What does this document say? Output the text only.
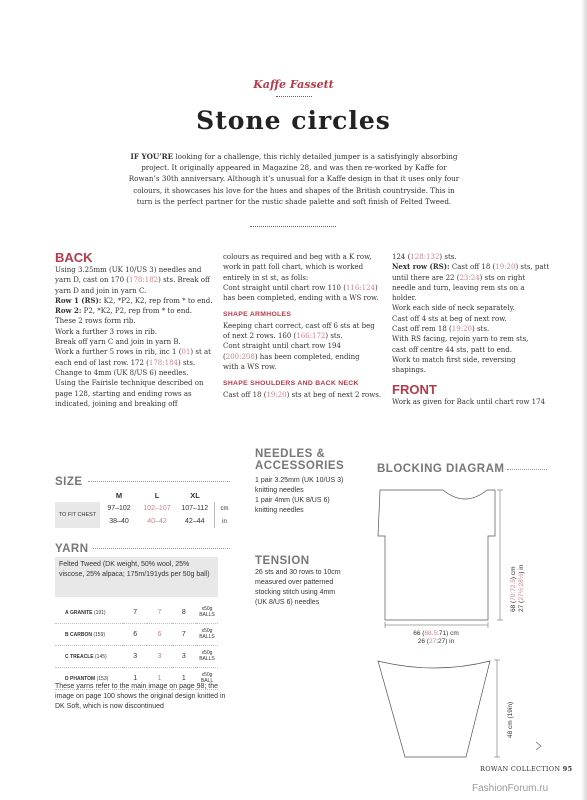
Kaffe Fassett
Stone circles
IF YOU’RE looking for a challenge, this richly detailed jumper is a satisfyingly absorbing
project. It originally appeared in Magazine 28, and was then re-worked by Kaffe for
Rowan’s 30th anniversary. Although it’s unusual for a Kaffe design in that it uses only four
colours, it showcases his love for the hues and shapes of the British countryside. This in
turn is the perfect partner for the rustic shade palette and soft finish of Felted Tweed.
BACK
Using 3.25mm (UK 10/US 3) needles and
yarn D, cast on 170 (178:182) sts. Break off
yarn D and join in yarn C.
Row 1 (RS): K2, *P2, K2, rep from * to end.
Row 2: P2, *K2, P2, rep from * to end.
These 2 rows form rib.
Work a further 3 rows in rib.
Break off yarn C and join in yarn B.
Work a further 5 rows in rib, inc 1 (01) st at
each end of last row. 172 (178:184) sts.
Change to 4mm (UK 8/US 6) needles.
Using the Fairisle technique described on
page 128, starting and ending rows as
indicated, joining and breaking off
colours as required and beg with a K row,
work in patt foll chart, which is worked
entirely in st st, as folls:
Cont straight until chart row 110 (116:124)
has been completed, ending with a WS row.
SHAPE ARMHOLES
Keeping chart correct, cast off 6 sts at beg
of next 2 rows. 160 (166:172) sts.
Cont straight until chart row 194
(200:208) has been completed, ending
with a WS row.
SHAPE SHOULDERS AND BACK NECK
Cast off 18 (19:20) sts at beg of next 2 rows.
124 (128:132) sts.
Next row (RS): Cast off 18 (19:20) sts, patt
until there are 22 (23:24) sts on right
needle and turn, leaving rem sts on a
holder.
Work each side of neck separately.
Cast off 4 sts at beg of next row.
Cast off rem 18 (19:20) sts.
With RS facing, rejoin yarn to rem sts,
cast off centre 44 sts, patt to end.
Work to match first side, reversing
shapings.
FRONT
Work as given for Back until chart row 174
SIZE
	M	L	XL	
TO FIT CHEST	97–102	102–107	107–112	cm
	38–40	40–42	42–44	in
YARN
Felted Tweed (DK weight, 50% wool, 25% viscose, 25% alpaca; 175m/191yds per 50g ball)
A GRANITE (191)	7	7	8	x50g
BALLS
B CARBON (159)	6	6	7	x50g
BALLS
C TREACLE (145)	3	3	3	x50g
BALLS
D PHANTOM (153)	1	1	1	x50g
BALL
These yarns refer to the main image on page 98; the image on page 100 shows the original design knitted in DK Soft, which is now discontinued
NEEDLES &
ACCESSORIES
1 pair 3.25mm (UK 10/US 3)
knitting needles
1 pair 4mm (UK 8/US 6)
knitting needles
TENSION
26 sts and 30 rows to 10cm
measured over patterned
stocking stitch using 4mm
(UK 8/US 6) needles
BLOCKING DIAGRAM
68 (70:72.5) cm
27 (27½:28½) in
66 (68.5:71) cm
26 (27:27) in
48 cm (19in)
ROWAN COLLECTION 95
FashionForum.ru
